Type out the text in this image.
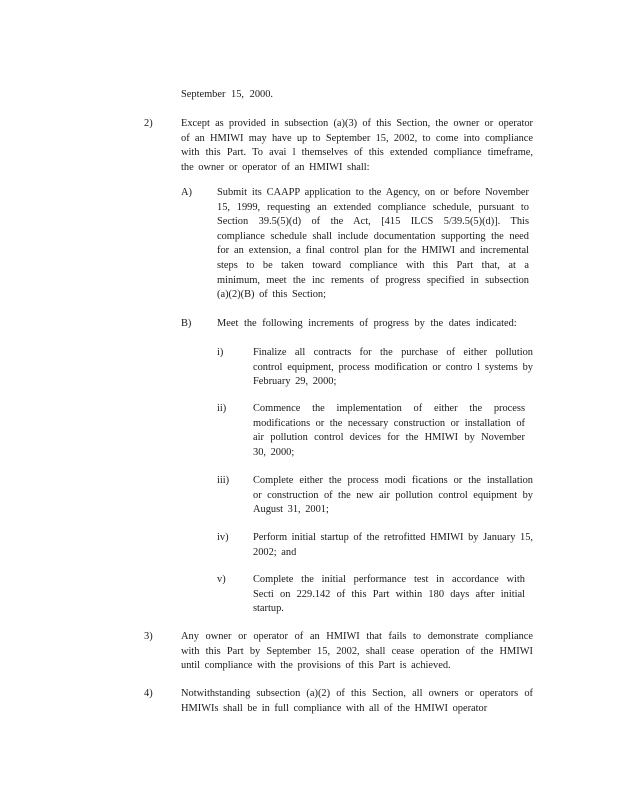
September 15, 2000.

2)	Except as provided in subsection (a)(3) of this Section, the owner or operator of an HMIWI may have up to September 15, 2002, to come into compliance with this Part. To avai l themselves of this extended compliance timeframe, the owner or operator of an HMIWI shall:

A) Submit its CAAPP application to the Agency, on or before November 15, 1999, requesting an extended compliance schedule, pursuant to Section 39.5(5)(d) of the Act, [415 ILCS 5/39.5(5)(d)]. This compliance schedule shall include documentation supporting the need for an extension, a final control plan for the HMIWI and incremental steps to be taken toward compliance with this Part that, at a minimum, meet the inc rements of progress specified in subsection (a)(2)(B) of this Section;

B) Meet the following increments of progress by the dates indicated:

i)	Finalize all contracts for the purchase of either pollution control equipment, process modification or contro l systems by February 29, 2000;

ii)	Commence the implementation of either the process modifications or the necessary construction or installation of air pollution control devices for the HMIWI by November 30, 2000;

iii) Complete either the process modi fications or the installation or construction of the new air pollution control equipment by August 31, 2001;

iv) Perform initial startup of the retrofitted HMIWI by January 15, 2002; and

v)	Complete the initial performance test in accordance with Secti on 229.142 of this Part within 180 days after initial startup.

3)	Any owner or operator of an HMIWI that fails to demonstrate compliance with this Part by September 15, 2002, shall cease operation of the HMIWI until compliance with the provisions of this Part is achieved.

4)	Notwithstanding subsection (a)(2) of this Section, all owners or operators of HMIWIs shall be in full compliance with all of the HMIWI operator
